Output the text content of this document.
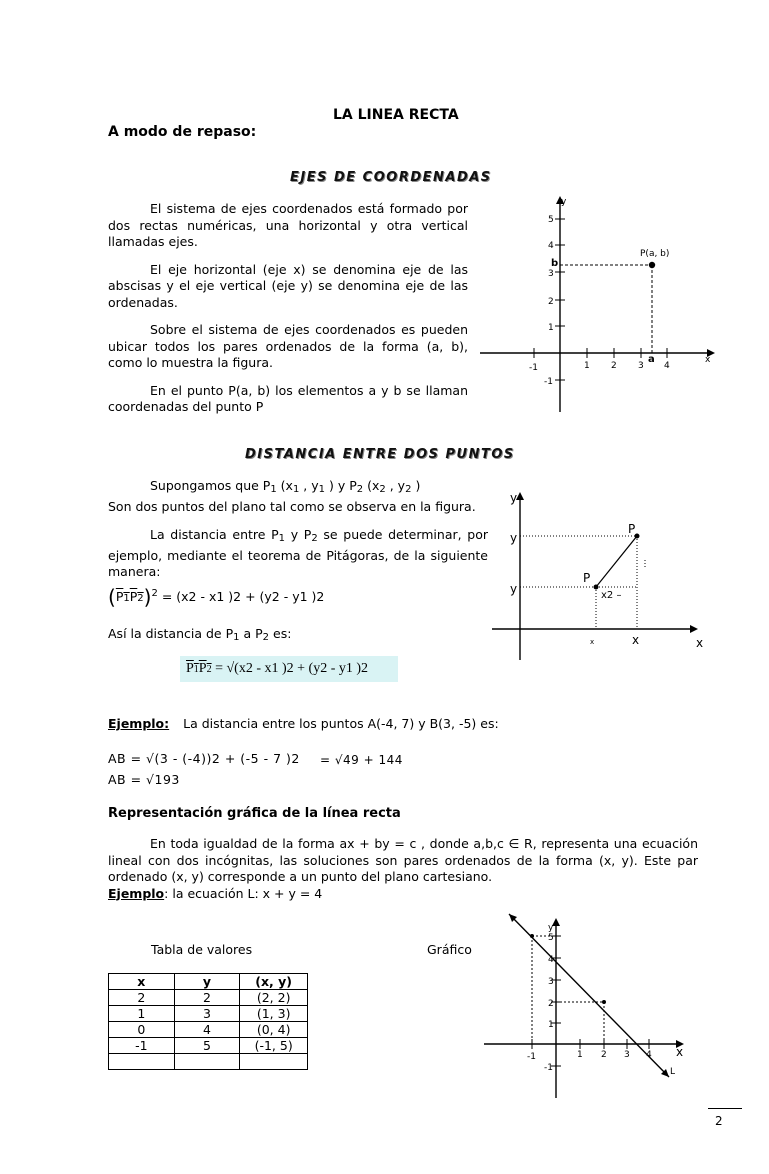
LA LINEA RECTA
A modo de repaso:
EJES DE COORDENADAS

El sistema de ejes coordenados está formado por dos rectas numéricas, una horizontal y otra vertical llamadas ejes.

El eje horizontal (eje x) se denomina eje de las abscisas y el eje vertical (eje y) se denomina eje de las ordenadas.

Sobre el sistema de ejes coordenados es pueden ubicar todos los pares ordenados de la forma (a, b), como lo muestra la figura.

En el punto P(a, b) los elementos a y b se llaman coordenadas del punto P

-1	1 2 3 4
5
4
3
2
1
-1
x
y
P(a, b)
b
a
DISTANCIA ENTRE DOS PUNTOS
Supongamos que P1 (x1 , y1 ) y P2 (x2 , y2 )
Son dos puntos del plano tal como se observa en la figura.
La distancia entre P1 y P2 se puede determinar, por ejemplo, mediante el teorema de Pitágoras, de la siguiente manera:
$(P1P2)^2 = (x2 - x1$ )2 + (y2 - y1 )2
Así la distancia de P1 a P2 es:
P1P2 = √(x2 - x1 )2 + (y2 - y1 )2
y
y
y
P
P
x	x
x
x2 –
Ejemplo: La distancia entre los puntos A(-4, 7) y B(3, -5) es:
AB = √(3 - (-4))2 + (-5 - 7 )2 = √49 + 144
AB = √193
Representación gráfica de la línea recta
En toda igualdad de la forma ax + by = c , donde a,b,c ∈ R, representa una ecuación lineal con dos incógnitas, las soluciones son pares ordenados de la forma (x, y). Este par ordenado (x, y) corresponde a un punto del plano cartesiano.
Ejemplo: la ecuación L: x + y = 4
Tabla de valores	Gráfico
x	y	(x, y)
2	2	(2, 2)
1	3	(1, 3)
0	4	(0, 4)
-1	5	(-1, 5)

-1	1 2 3 4
5
4
3
2
1
-1
y
L
x
2
